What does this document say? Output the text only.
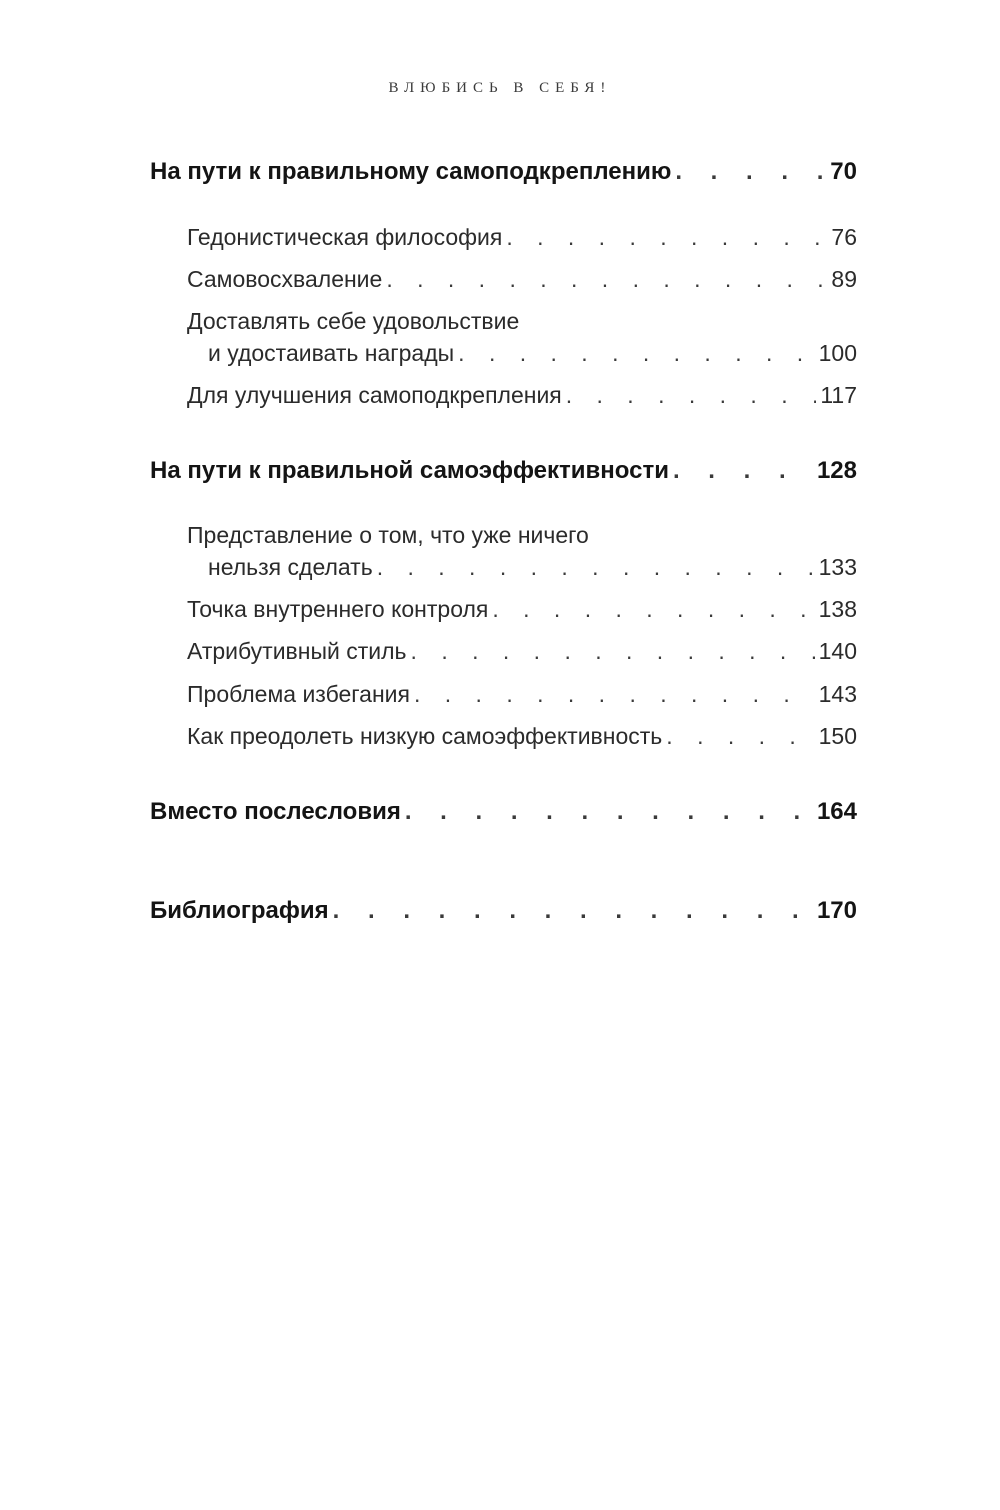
ВЛЮБИСЬ В СЕБЯ!
На пути к правильному самоподкреплению . . .	70
Гедонистическая философия . . .	76
Самовосхваление . . .	89
Доставлять себе удовольствие
и удостаивать награды . . .	100
Для улучшения самоподкрепления . . .	117
На пути к правильной самоэффективности . . .	128
Представление о том, что уже ничего
нельзя сделать . . .	133
Точка внутреннего контроля . . .	138
Атрибутивный стиль . . .	140
Проблема избегания . . .	143
Как преодолеть низкую самоэффективность . . .	150
Вместо послесловия . . .	164
Библиография . . .	170
